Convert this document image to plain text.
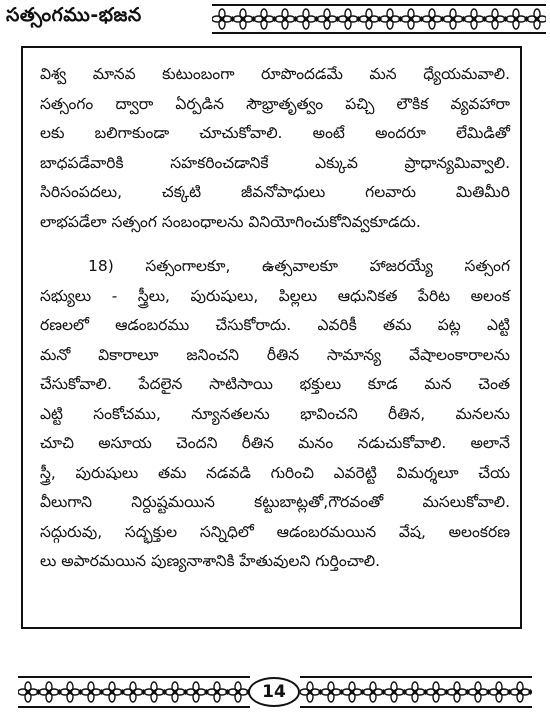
సత్సంగము-భజన
విశ్వ మానవ కుటుంబంగా రూపొందడమే మన ధ్యేయమవాలి.
సత్సంగం ద్వారా ఏర్పడిన సౌభ్రాతృత్వం పచ్చి లౌకిక వ్యవహారా
లకు బలిగాకుండా చూచుకోవాలి. అంటే అందరూ లేమిడితో
బాధపడేవారికి సహకరించడానికే ఎక్కువ ప్రాధాన్యమివ్వాలి.
సిరిసంపదలు, చక్కటి జీవనోపాధులు గలవారు మితిమీరి
లాభపడేలా సత్సంగ సంబంధాలను వినియోగించుకోనివ్వకూడదు.
18) సత్సంగాలకూ, ఉత్సవాలకూ హాజరయ్యే సత్సంగ
సభ్యులు - స్త్రీలు, పురుషులు, పిల్లలు ఆధునికత పేరిట అలంక
రణలలో ఆడంబరము చేసుకోరాదు. ఎవరికీ తమ పట్ల ఎట్టి
మనో వికారాలూ జనించని రీతిన సామాన్య వేషాలంకారాలను
చేసుకోవాలి. పేదలైన సాటిసాయి భక్తులు కూడ మన చెంత
ఎట్టి సంకోచము, న్యూనతలను భావించని రీతిన, మనలను
చూచి అసూయ చెందని రీతిన మనం నడుచుకోవాలి. అలానే
స్త్రీ, పురుషులు తమ నడవడి గురించి ఎవరెట్టి విమర్శలూ చేయ
వీలుగాని నిర్దుష్టమయిన కట్టుబాట్లతో,గౌరవంతో మసలుకోవాలి.
సద్గురువు, సద్భక్తుల సన్నిధిలో ఆడంబరమయిన వేష, అలంకరణ
లు అపారమయిన పుణ్యనాశానికి హేతువులని గుర్తించాలి.
14
